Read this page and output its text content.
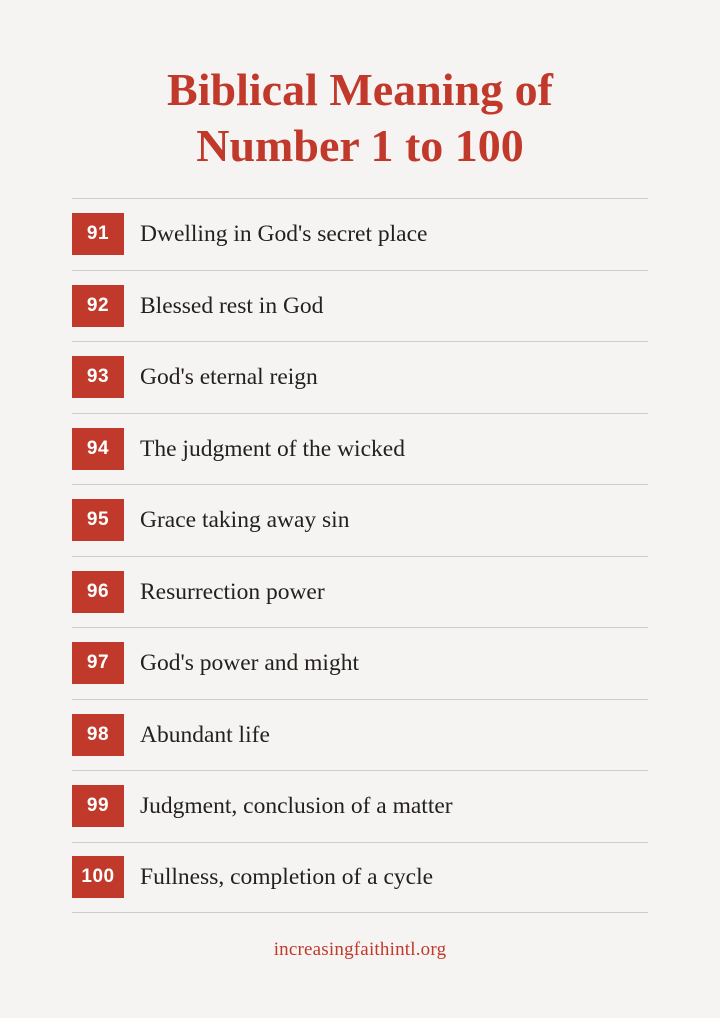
Biblical Meaning of
Number 1 to 100
91	Dwelling in God's secret place
92	Blessed rest in God
93	God's eternal reign
94	The judgment of the wicked
95	Grace taking away sin
96	Resurrection power
97	God's power and might
98	Abundant life
99	Judgment, conclusion of a matter
100	Fullness, completion of a cycle
increasingfaithintl.org
